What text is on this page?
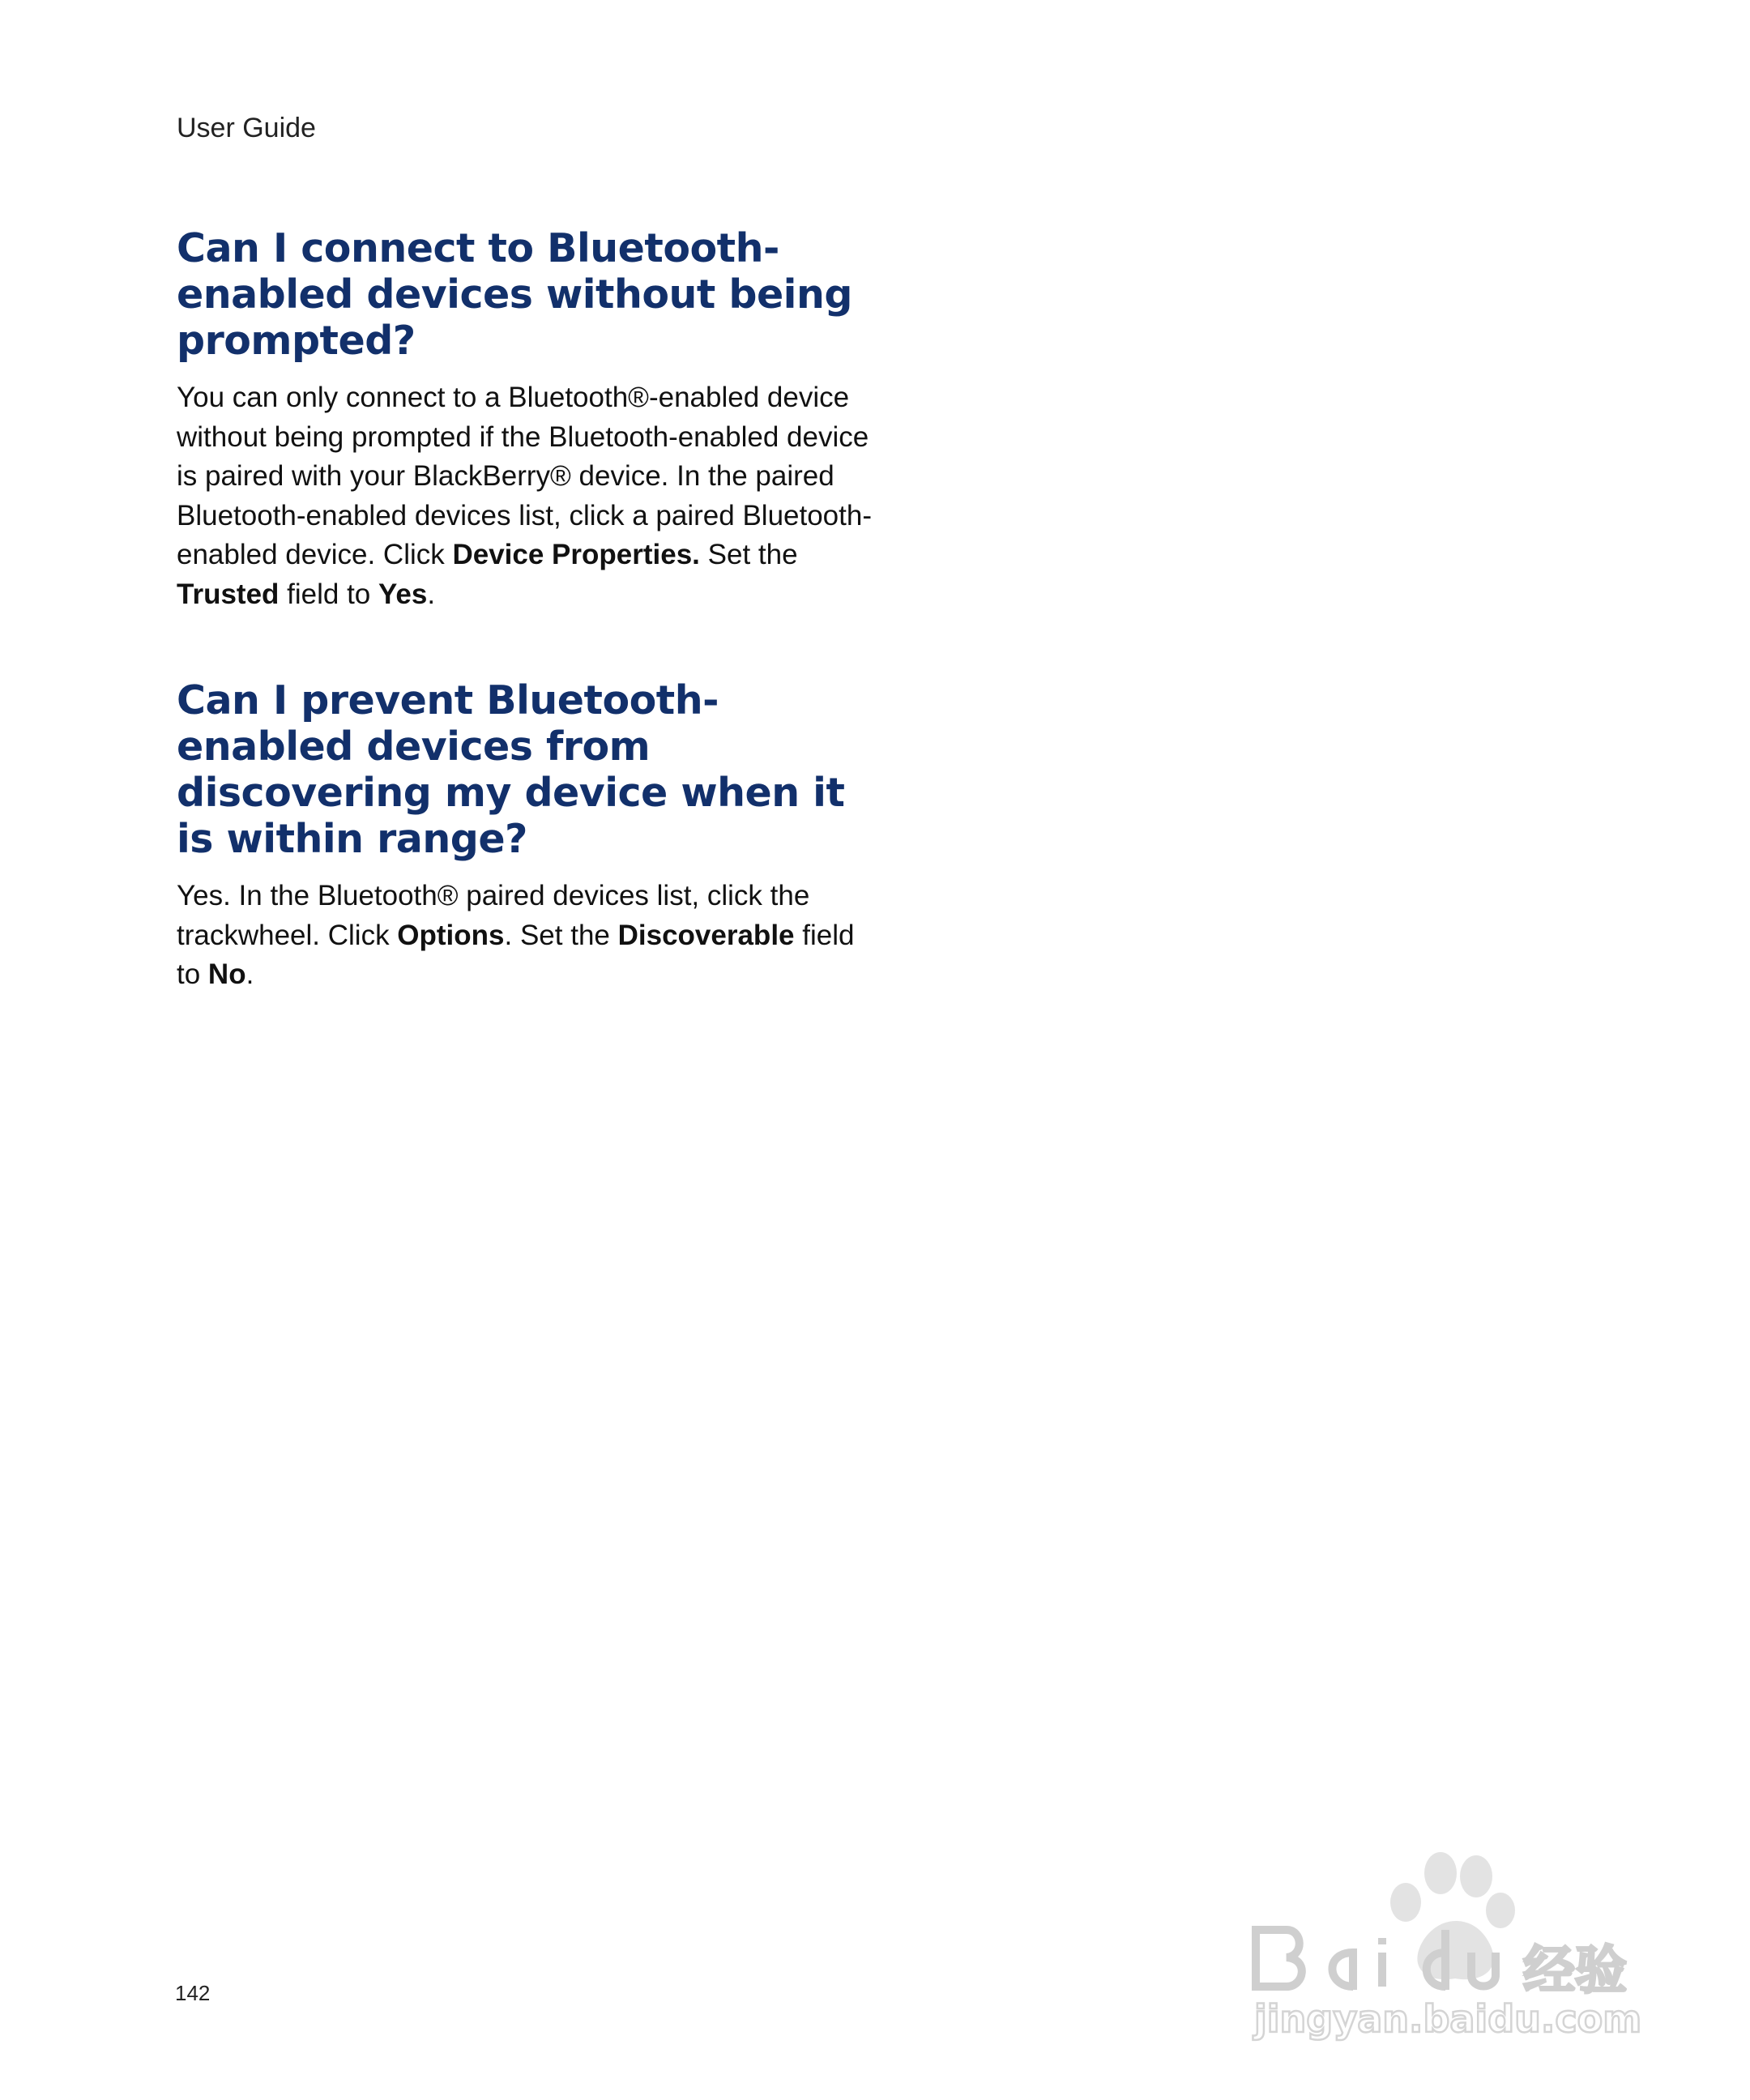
User Guide
Can I connect to Bluetooth-enabled devices without being prompted?

You can only connect to a Bluetooth®-enabled device without being prompted if the Bluetooth-enabled device is paired with your BlackBerry® device. In the paired Bluetooth-enabled devices list, click a paired Bluetooth-enabled device. Click Device Properties. Set the Trusted field to Yes.

Can I prevent Bluetooth-enabled devices from discovering my device when it is within range?

Yes. In the Bluetooth® paired devices list, click the trackwheel. Click Options. Set the Discoverable field to No.

142	经验
jingyan.baidu.com
